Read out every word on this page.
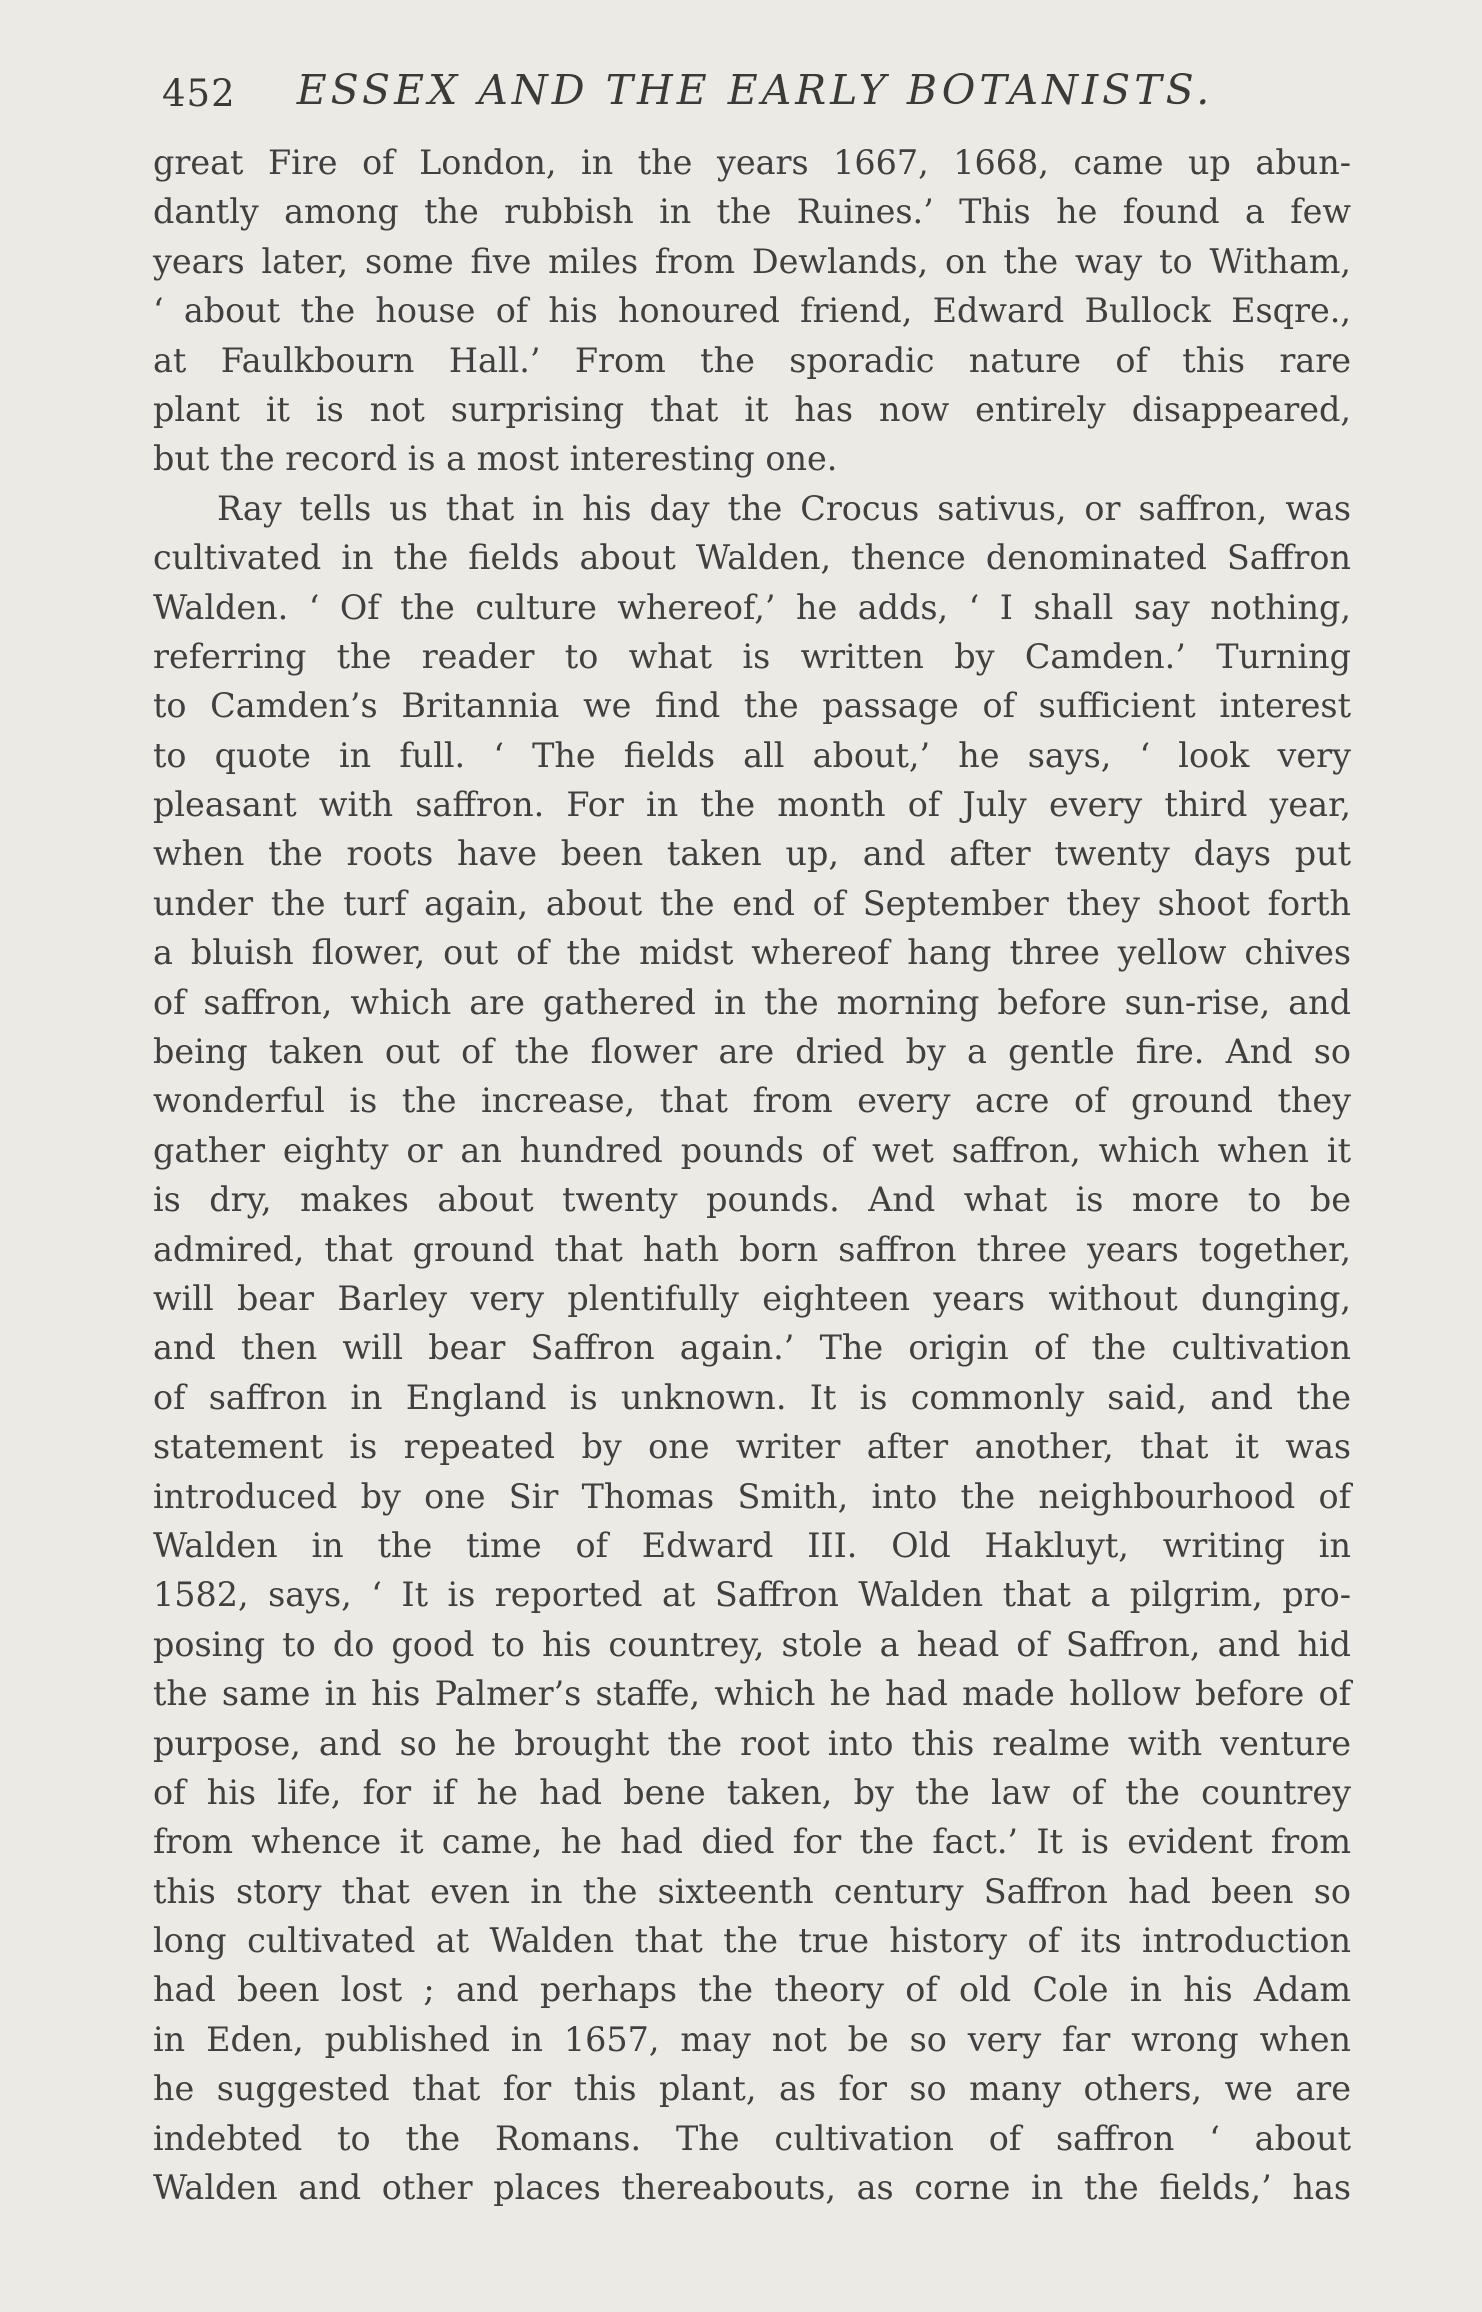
452	ESSEX AND THE EARLY BOTANISTS.
great Fire of London, in the years 1667, 1668, came up abun-
dantly among the rubbish in the Ruines.’ This he found a few
years later, some five miles from Dewlands, on the way to Witham,
‘ about the house of his honoured friend, Edward Bullock Esqre.,
at Faulkbourn Hall.’ From the sporadic nature of this rare
plant it is not surprising that it has now entirely disappeared,
but the record is a most interesting one.
Ray tells us that in his day the Crocus sativus, or saffron, was
cultivated in the fields about Walden, thence denominated Saffron
Walden. ‘ Of the culture whereof,’ he adds, ‘ I shall say nothing,
referring the reader to what is written by Camden.’ Turning
to Camden’s Britannia we find the passage of sufficient interest
to quote in full. ‘ The fields all about,’ he says, ‘ look very
pleasant with saffron. For in the month of July every third year,
when the roots have been taken up, and after twenty days put
under the turf again, about the end of September they shoot forth
a bluish flower, out of the midst whereof hang three yellow chives
of saffron, which are gathered in the morning before sun-rise, and
being taken out of the flower are dried by a gentle fire. And so
wonderful is the increase, that from every acre of ground they
gather eighty or an hundred pounds of wet saffron, which when it
is dry, makes about twenty pounds. And what is more to be
admired, that ground that hath born saffron three years together,
will bear Barley very plentifully eighteen years without dunging,
and then will bear Saffron again.’ The origin of the cultivation
of saffron in England is unknown. It is commonly said, and the
statement is repeated by one writer after another, that it was
introduced by one Sir Thomas Smith, into the neighbourhood of
Walden in the time of Edward III. Old Hakluyt, writing in
1582, says, ‘ It is reported at Saffron Walden that a pilgrim, pro-
posing to do good to his countrey, stole a head of Saffron, and hid
the same in his Palmer’s staffe, which he had made hollow before of
purpose, and so he brought the root into this realme with venture
of his life, for if he had bene taken, by the law of the countrey
from whence it came, he had died for the fact.’ It is evident from
this story that even in the sixteenth century Saffron had been so
long cultivated at Walden that the true history of its introduction
had been lost ; and perhaps the theory of old Cole in his Adam
in Eden, published in 1657, may not be so very far wrong when
he suggested that for this plant, as for so many others, we are
indebted to the Romans. The cultivation of saffron ‘ about
Walden and other places thereabouts, as corne in the fields,’ has
